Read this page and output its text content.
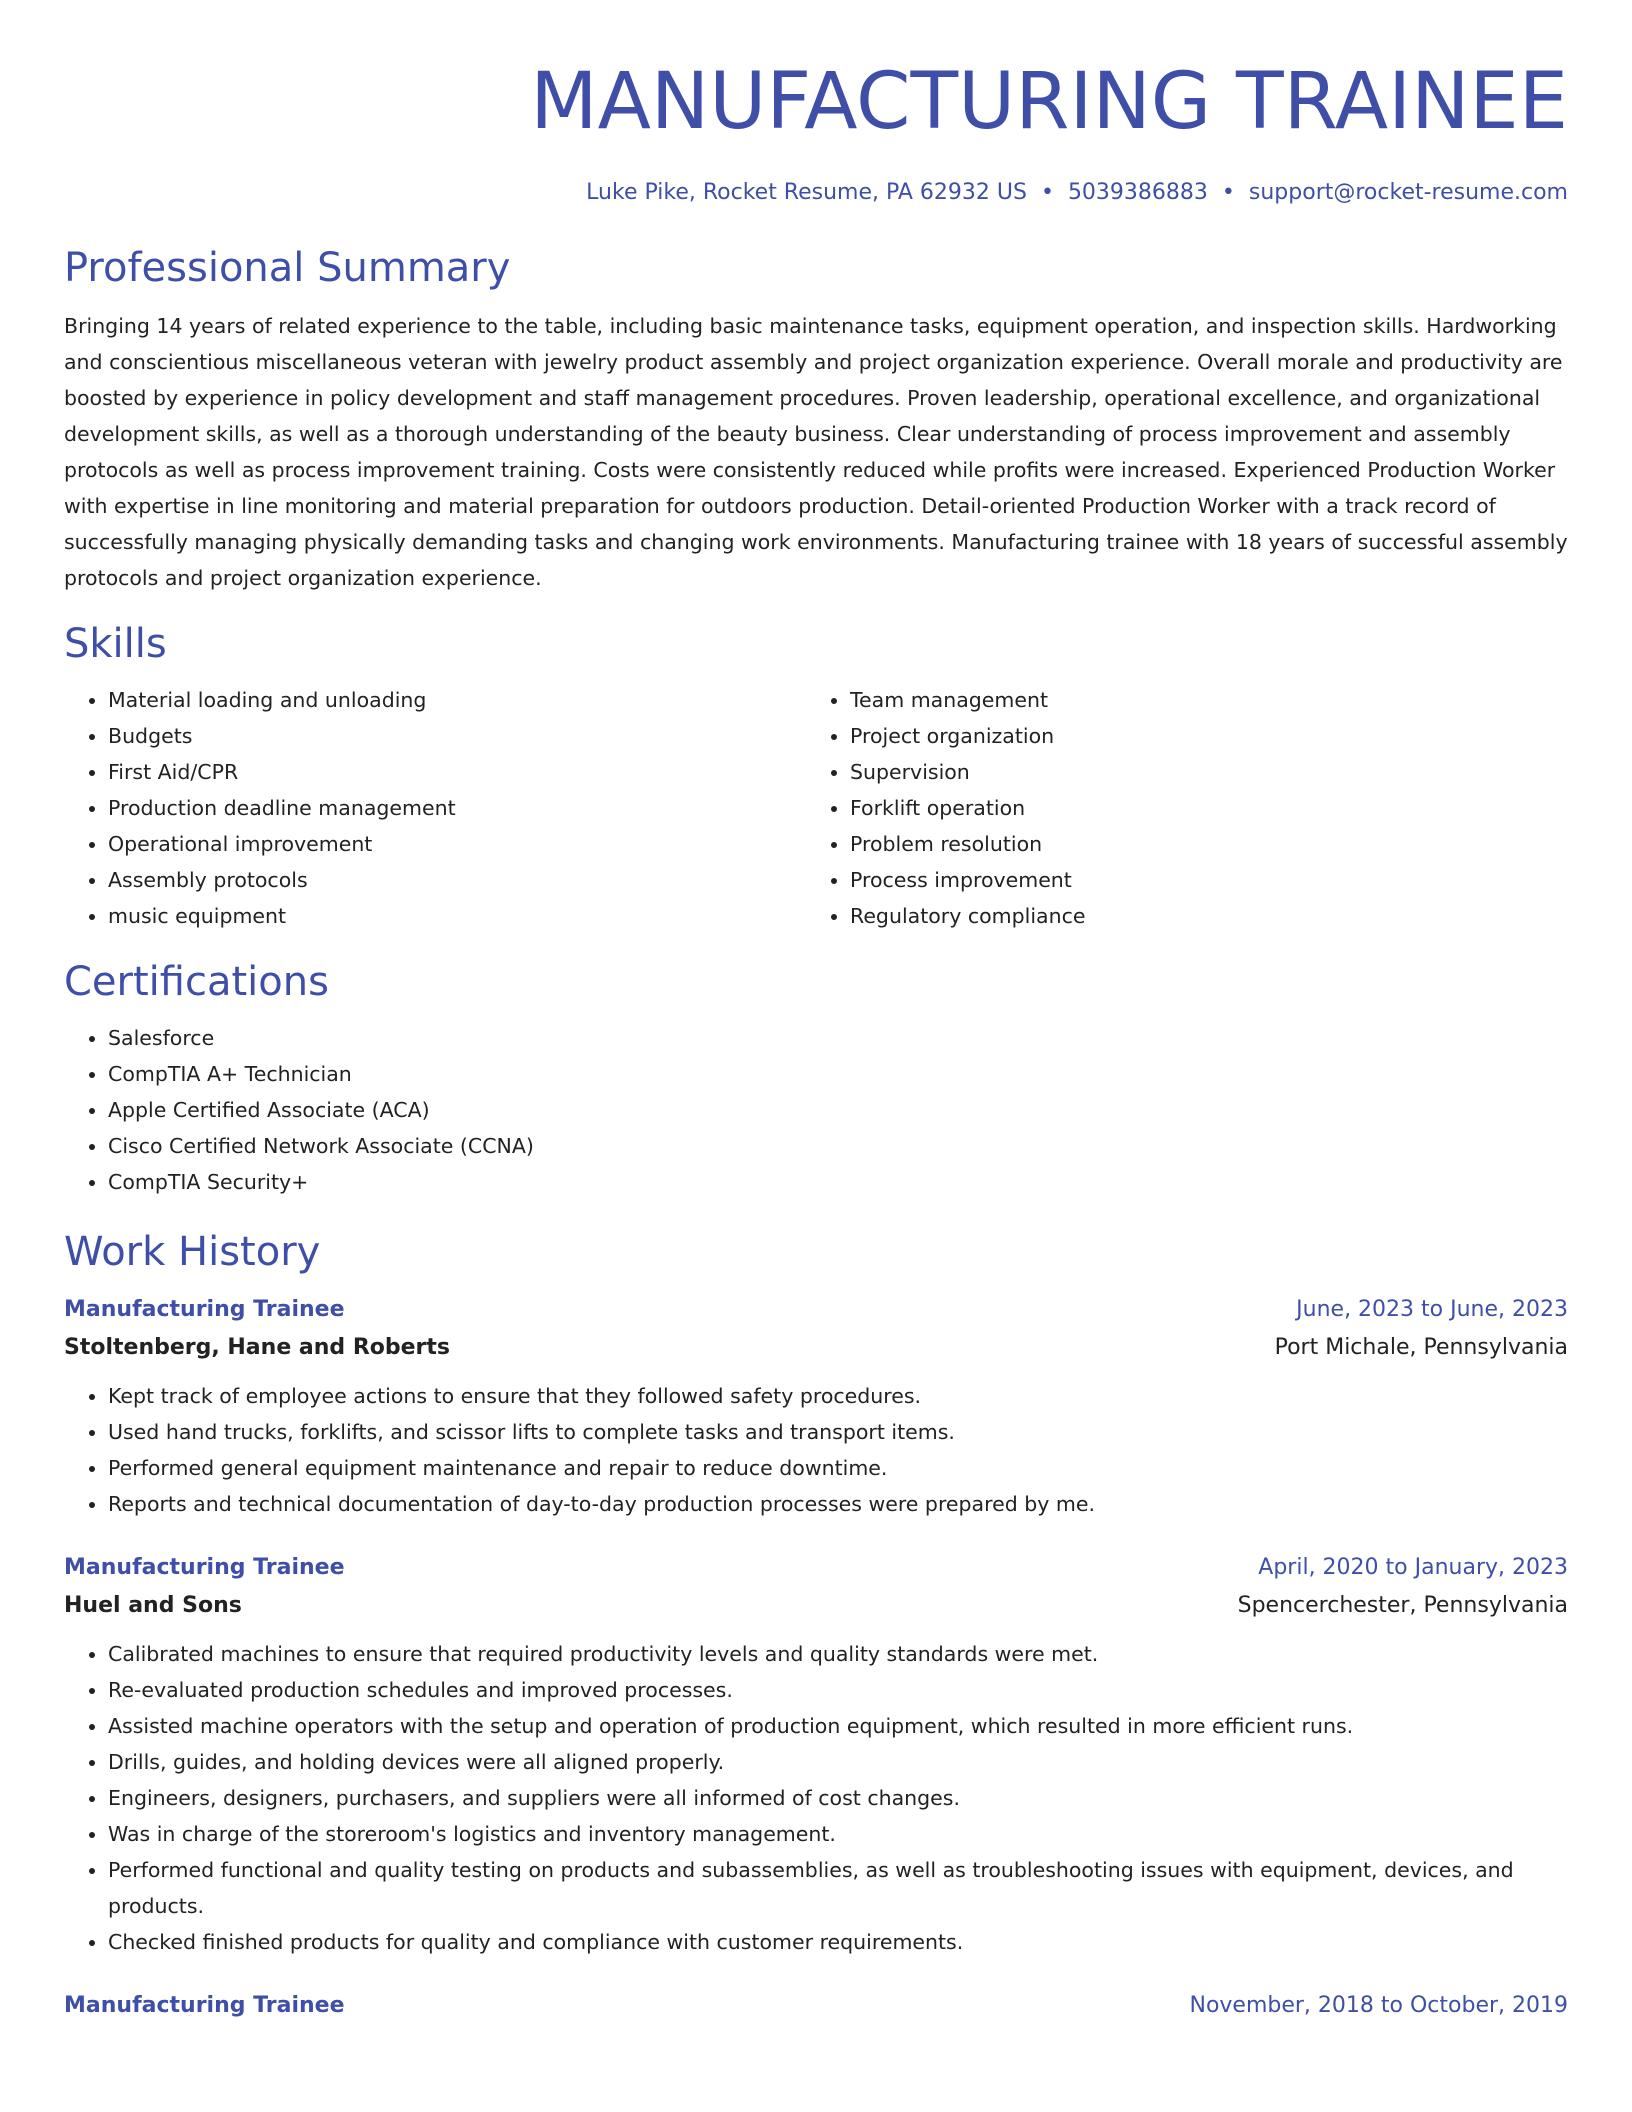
MANUFACTURING TRAINEE
Luke Pike, Rocket Resume, PA 62932 US • 5039386883 • support@rocket-resume.com
Professional Summary

Bringing 14 years of related experience to the table, including basic maintenance tasks, equipment operation, and inspection skills. Hardworking and conscientious miscellaneous veteran with jewelry product assembly and project organization experience. Overall morale and productivity are boosted by experience in policy development and staff management procedures. Proven leadership, operational excellence, and organizational development skills, as well as a thorough understanding of the beauty business. Clear understanding of process improvement and assembly protocols as well as process improvement training. Costs were consistently reduced while profits were increased. Experienced Production Worker with expertise in line monitoring and material preparation for outdoors production. Detail-oriented Production Worker with a track record of successfully managing physically demanding tasks and changing work environments. Manufacturing trainee with 18 years of successful assembly protocols and project organization experience.

Skills
• Material loading and unloading
• Budgets
• First Aid/CPR
• Production deadline management
• Operational improvement
• Assembly protocols
• music equipment
• Team management
• Project organization
• Supervision
• Forklift operation
• Problem resolution
• Process improvement
• Regulatory compliance
Certifications
• Salesforce
• CompTIA A+ Technician
• Apple Certified Associate (ACA)
• Cisco Certified Network Associate (CCNA)
• CompTIA Security+
Work History
Manufacturing Trainee	June, 2023 to June, 2023
Stoltenberg, Hane and Roberts	Port Michale, Pennsylvania
• Kept track of employee actions to ensure that they followed safety procedures.
• Used hand trucks, forklifts, and scissor lifts to complete tasks and transport items.
• Performed general equipment maintenance and repair to reduce downtime.
• Reports and technical documentation of day-to-day production processes were prepared by me.
Manufacturing Trainee	April, 2020 to January, 2023
Huel and Sons	Spencerchester, Pennsylvania
• Calibrated machines to ensure that required productivity levels and quality standards were met.
• Re-evaluated production schedules and improved processes.
• Assisted machine operators with the setup and operation of production equipment, which resulted in more efficient runs.
• Drills, guides, and holding devices were all aligned properly.
• Engineers, designers, purchasers, and suppliers were all informed of cost changes.
• Was in charge of the storeroom's logistics and inventory management.
• Performed functional and quality testing on products and subassemblies, as well as troubleshooting issues with equipment, devices, and products.
• Checked finished products for quality and compliance with customer requirements.
Manufacturing Trainee	November, 2018 to October, 2019
